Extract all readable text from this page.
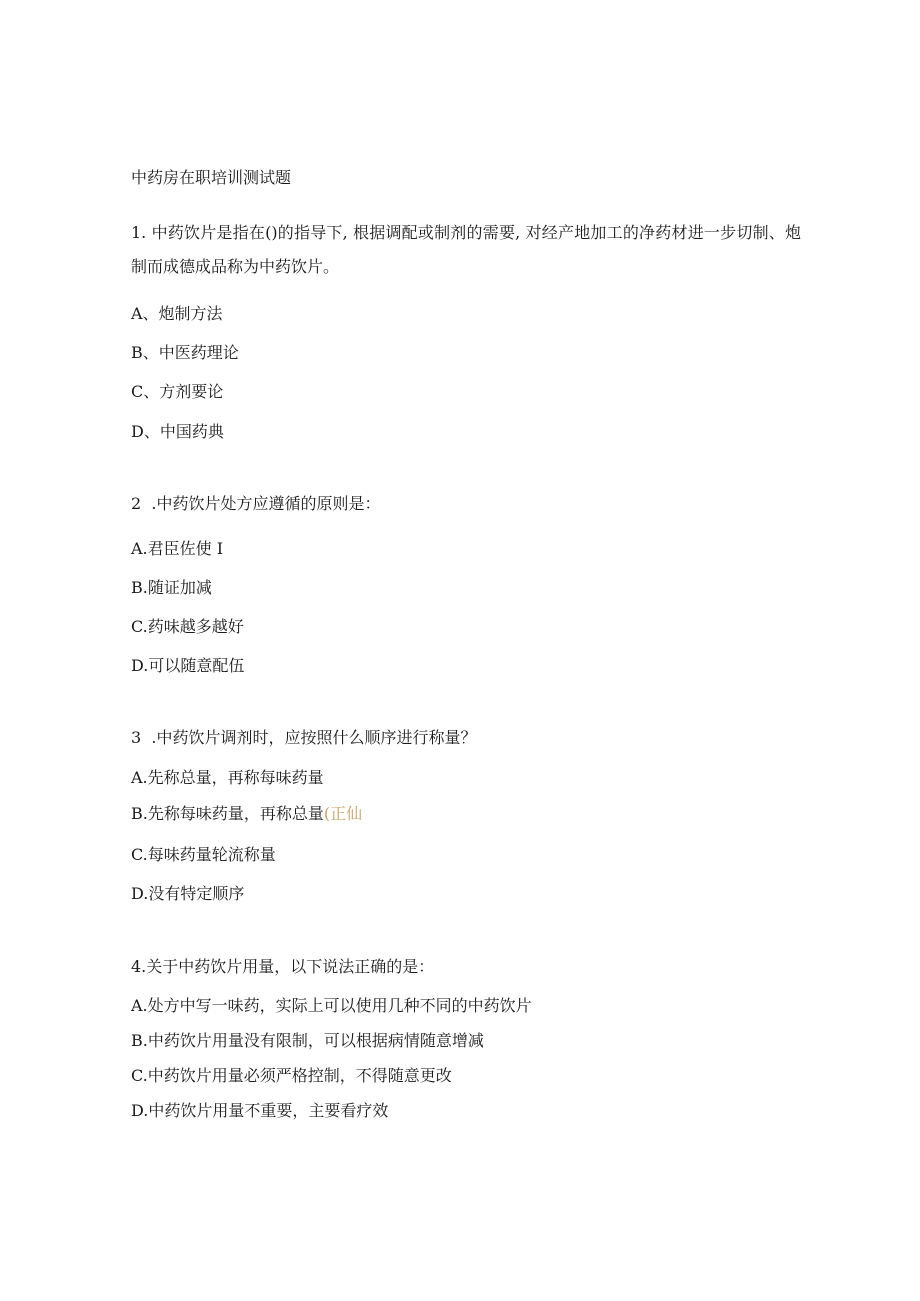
中药房在职培训测试题

1. 中药饮片是指在()的指导下, 根据调配或制剂的需要, 对经产地加工的净药材进一步切制、炮制而成德成品称为中药饮片。

A、炮制方法

B、中医药理论

C、方剂要论

D、中国药典

2  .中药饮片处方应遵循的原则是：

A.君臣佐使 I

B.随证加减

C.药味越多越好

D.可以随意配伍

3  .中药饮片调剂时，应按照什么顺序进行称量？

A.先称总量，再称每味药量

B.先称每味药量，再称总量(正仙

C.每味药量轮流称量

D.没有特定顺序

4.关于中药饮片用量，以下说法正确的是：

A.处方中写一味药，实际上可以使用几种不同的中药饮片

B.中药饮片用量没有限制，可以根据病情随意增减

C.中药饮片用量必须严格控制，不得随意更改

D.中药饮片用量不重要，主要看疗效
